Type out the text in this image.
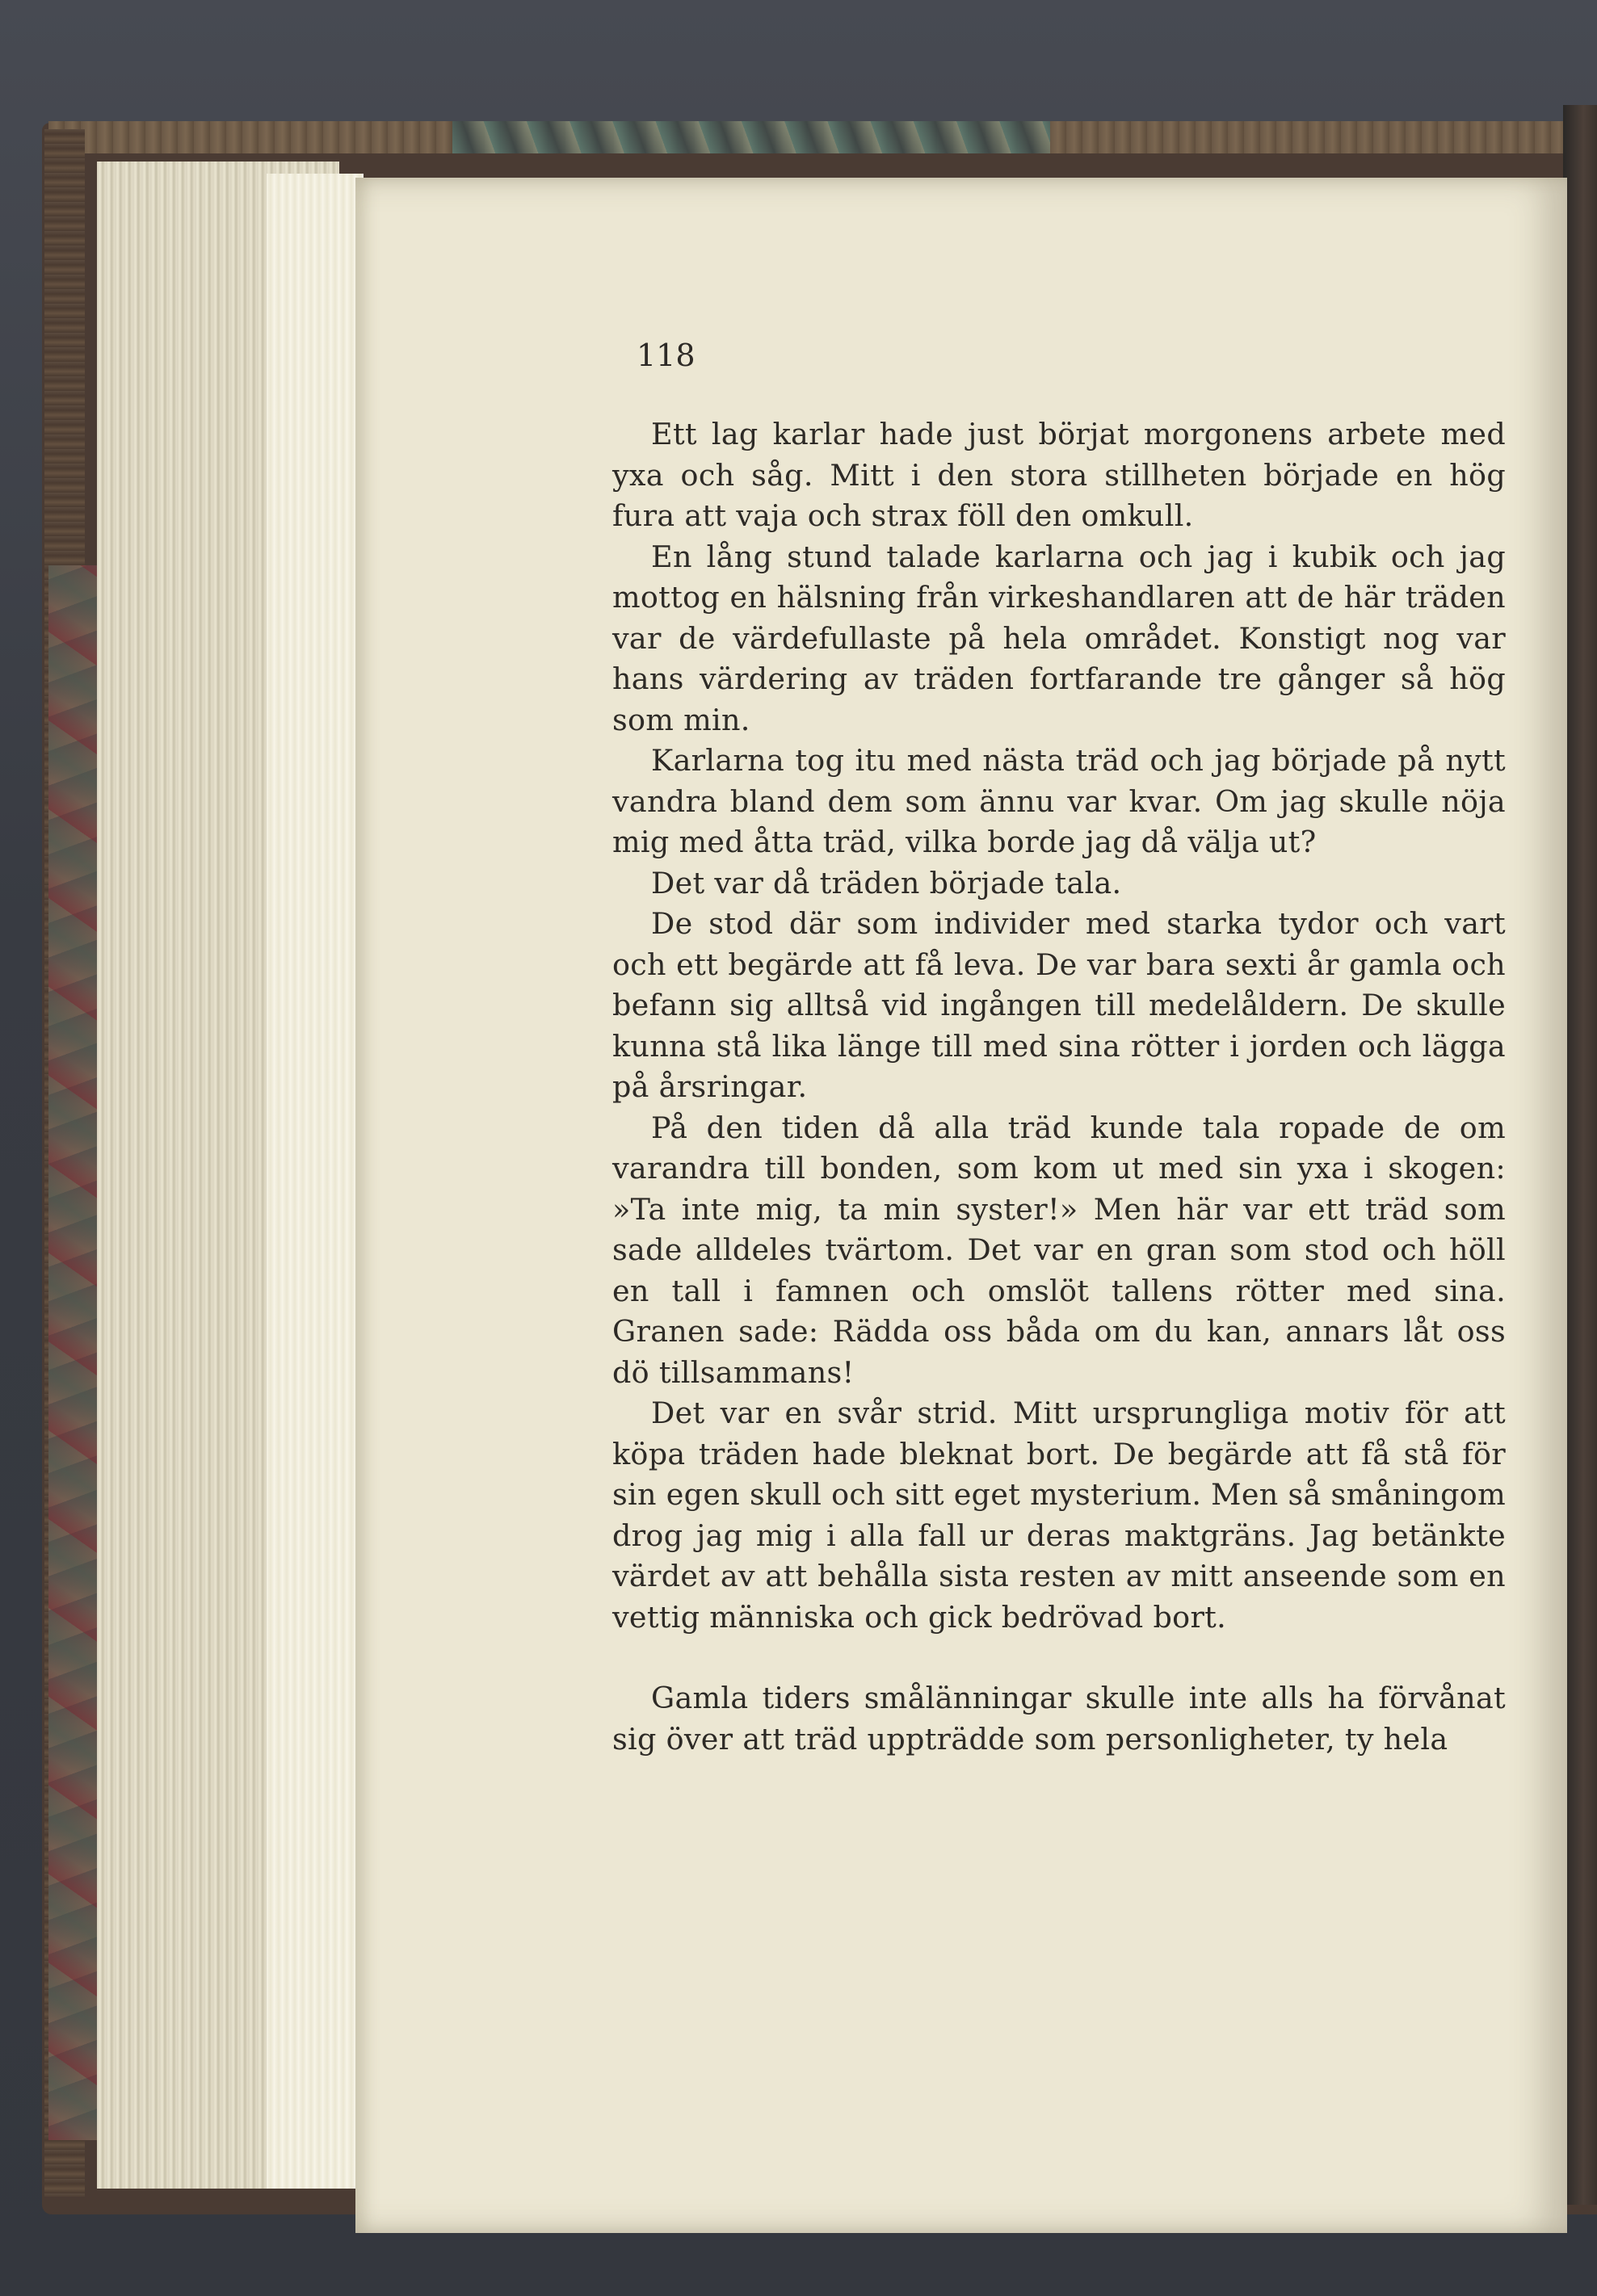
118

Ett lag karlar hade just börjat morgonens arbete med yxa och såg. Mitt i den stora stillheten började en hög fura att vaja och strax föll den omkull.

En lång stund talade karlarna och jag i kubik och jag mottog en hälsning från virkeshandlaren att de här träden var de värdefullaste på hela området. Konstigt nog var hans värdering av träden fortfarande tre gånger så hög som min.

Karlarna tog itu med nästa träd och jag började på nytt vandra bland dem som ännu var kvar. Om jag skulle nöja mig med åtta träd, vilka borde jag då välja ut?

Det var då träden började tala.

De stod där som individer med starka tydor och vart och ett begärde att få leva. De var bara sexti år gamla och befann sig alltså vid ingången till medelåldern. De skulle kunna stå lika länge till med sina rötter i jorden och lägga på årsringar.

På den tiden då alla träd kunde tala ropade de om varandra till bonden, som kom ut med sin yxa i skogen: »Ta inte mig, ta min syster!» Men här var ett träd som sade alldeles tvärtom. Det var en gran som stod och höll en tall i famnen och omslöt tallens rötter med sina. Granen sade: Rädda oss båda om du kan, annars låt oss dö tillsammans!

Det var en svår strid. Mitt ursprungliga motiv för att köpa träden hade bleknat bort. De begärde att få stå för sin egen skull och sitt eget mysterium. Men så småningom drog jag mig i alla fall ur deras maktgräns. Jag betänkte värdet av att behålla sista resten av mitt anseende som en vettig människa och gick bedrövad bort.

Gamla tiders smålänningar skulle inte alls ha förvånat sig över att träd uppträdde som personligheter, ty hela
